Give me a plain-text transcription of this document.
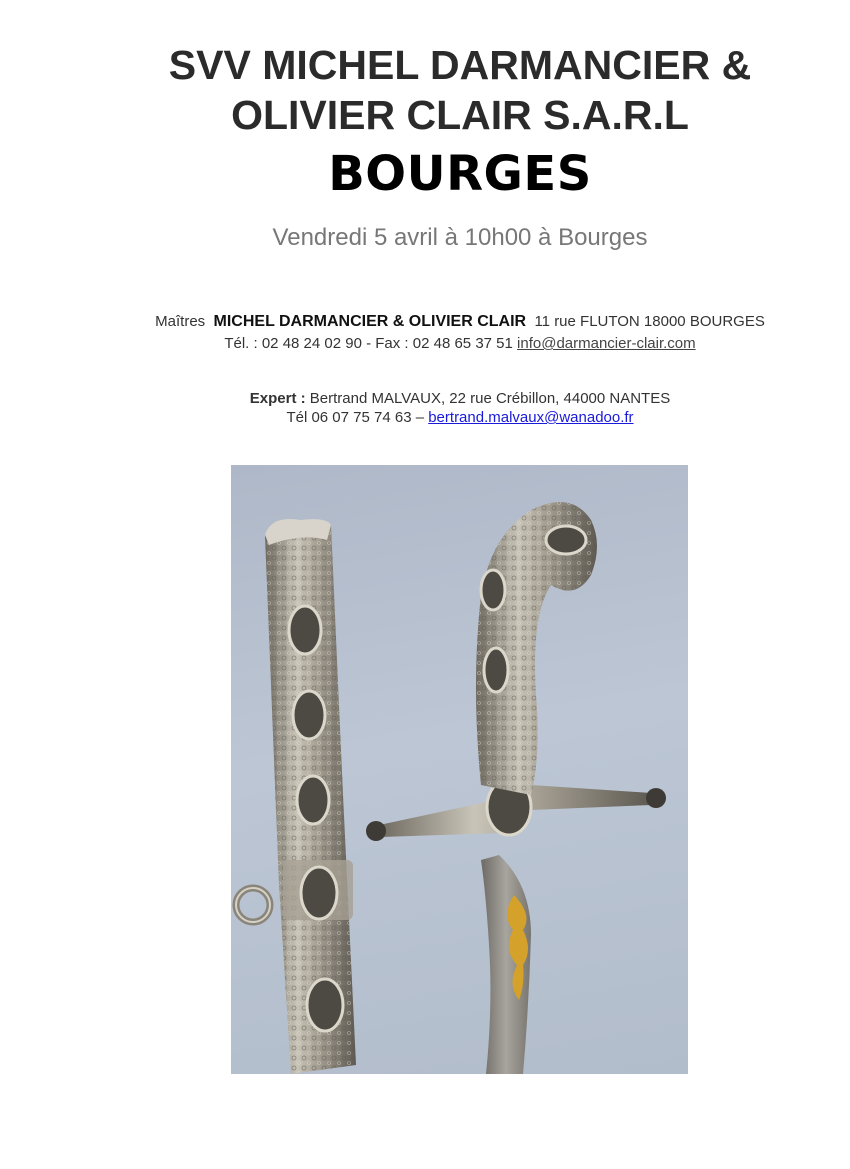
SVV MICHEL DARMANCIER &
OLIVIER CLAIR S.A.R.L
BOURGES
Vendredi 5 avril à 10h00 à Bourges
Maîtres MICHEL DARMANCIER & OLIVIER CLAIR 11 rue FLUTON 18000 BOURGES
Tél. : 02 48 24 02 90 - Fax : 02 48 65 37 51 info@darmancier-clair.com
Expert : Bertrand MALVAUX, 22 rue Crébillon, 44000 NANTES
Tél 06 07 75 74 63 – bertrand.malvaux@wanadoo.fr
